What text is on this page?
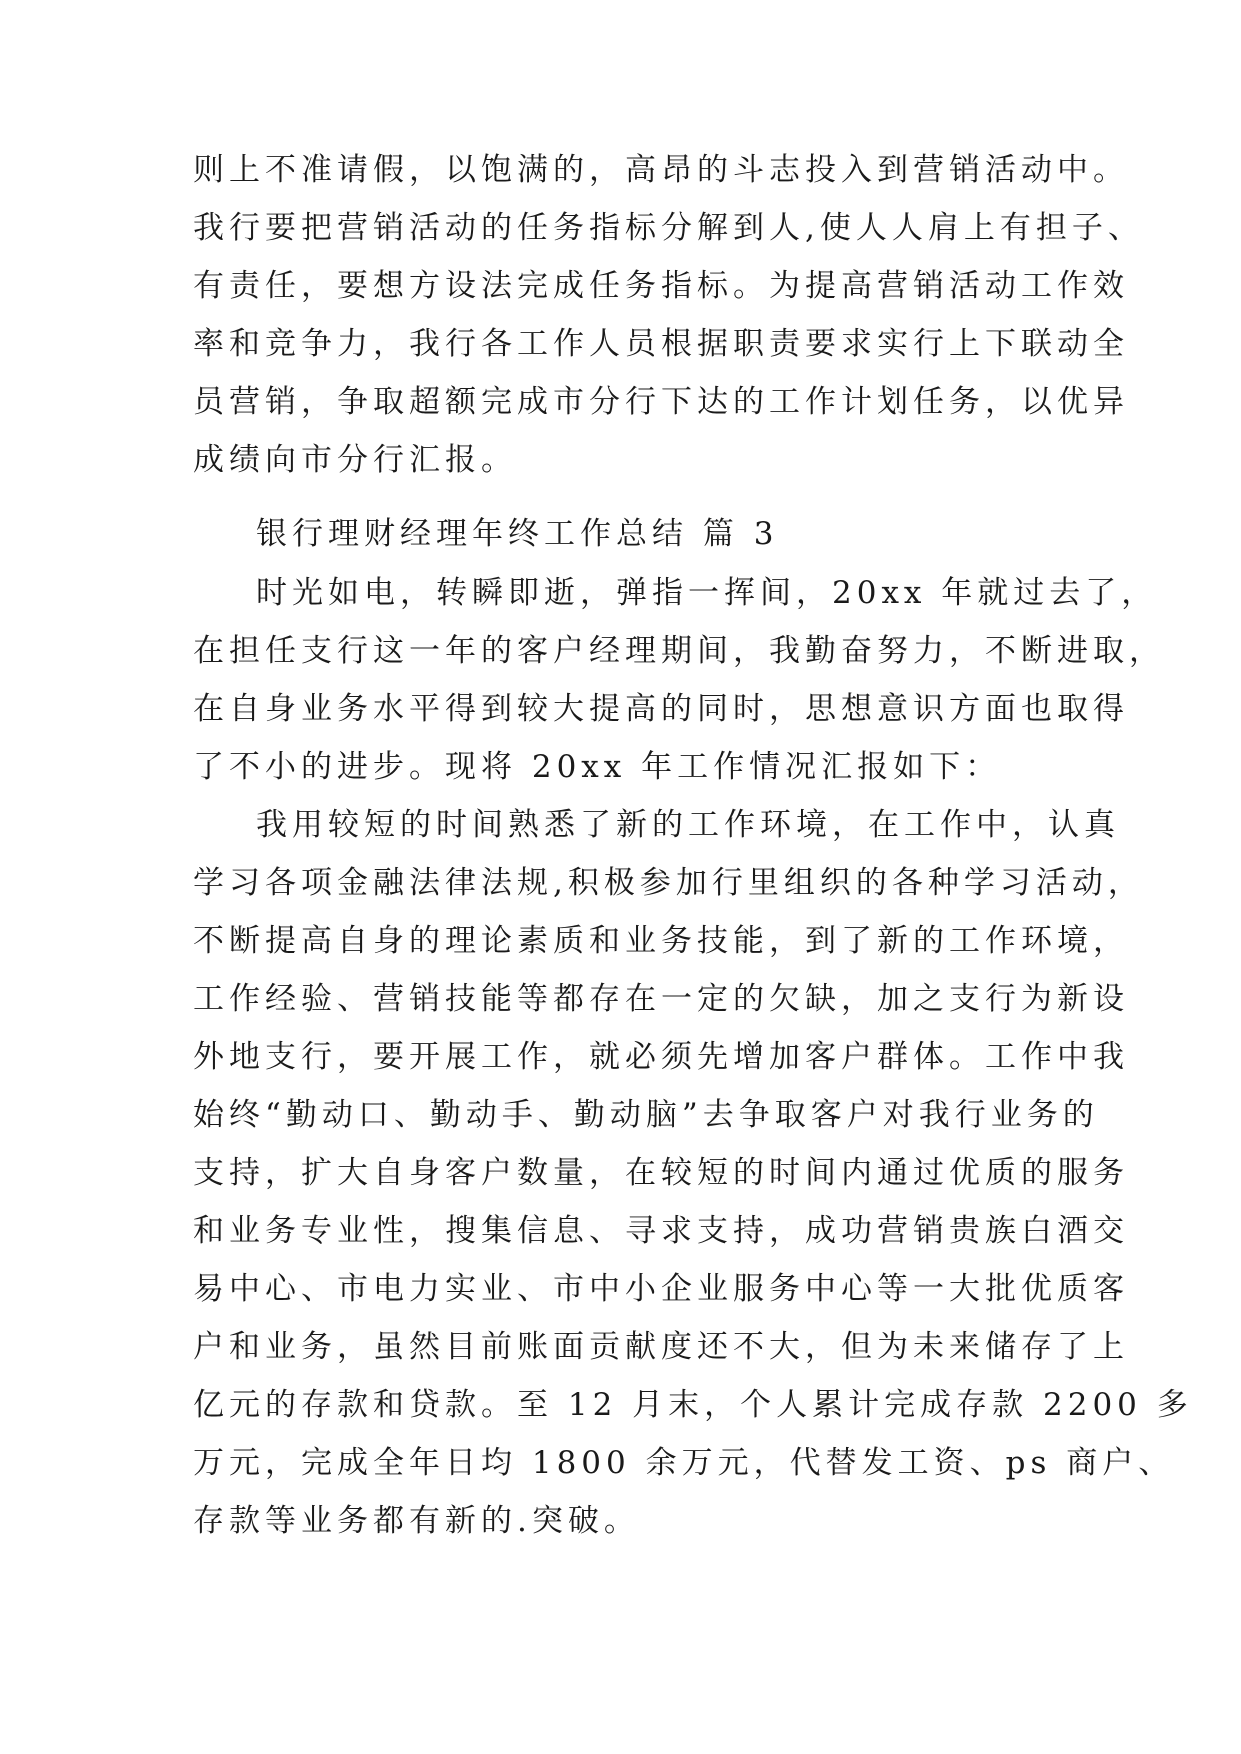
则上不准请假，以饱满的，高昂的斗志投入到营销活动中。
我行要把营销活动的任务指标分解到人,使人人肩上有担子、
有责任，要想方设法完成任务指标。为提高营销活动工作效
率和竞争力，我行各工作人员根据职责要求实行上下联动全
员营销，争取超额完成市分行下达的工作计划任务，以优异
成绩向市分行汇报。
银行理财经理年终工作总结 篇 3
时光如电，转瞬即逝，弹指一挥间，20xx 年就过去了，
在担任支行这一年的客户经理期间，我勤奋努力，不断进取，
在自身业务水平得到较大提高的同时，思想意识方面也取得
了不小的进步。现将 20xx 年工作情况汇报如下：
我用较短的时间熟悉了新的工作环境，在工作中，认真
学习各项金融法律法规,积极参加行里组织的各种学习活动，
不断提高自身的理论素质和业务技能，到了新的工作环境，
工作经验、营销技能等都存在一定的欠缺，加之支行为新设
外地支行，要开展工作，就必须先增加客户群体。工作中我
始终“勤动口、勤动手、勤动脑”去争取客户对我行业务的
支持，扩大自身客户数量，在较短的时间内通过优质的服务
和业务专业性，搜集信息、寻求支持，成功营销贵族白酒交
易中心、市电力实业、市中小企业服务中心等一大批优质客
户和业务，虽然目前账面贡献度还不大，但为未来储存了上
亿元的存款和贷款。至 12 月末，个人累计完成存款 2200 多
万元，完成全年日均 1800 余万元，代替发工资、ps 商户、
存款等业务都有新的.突破。
